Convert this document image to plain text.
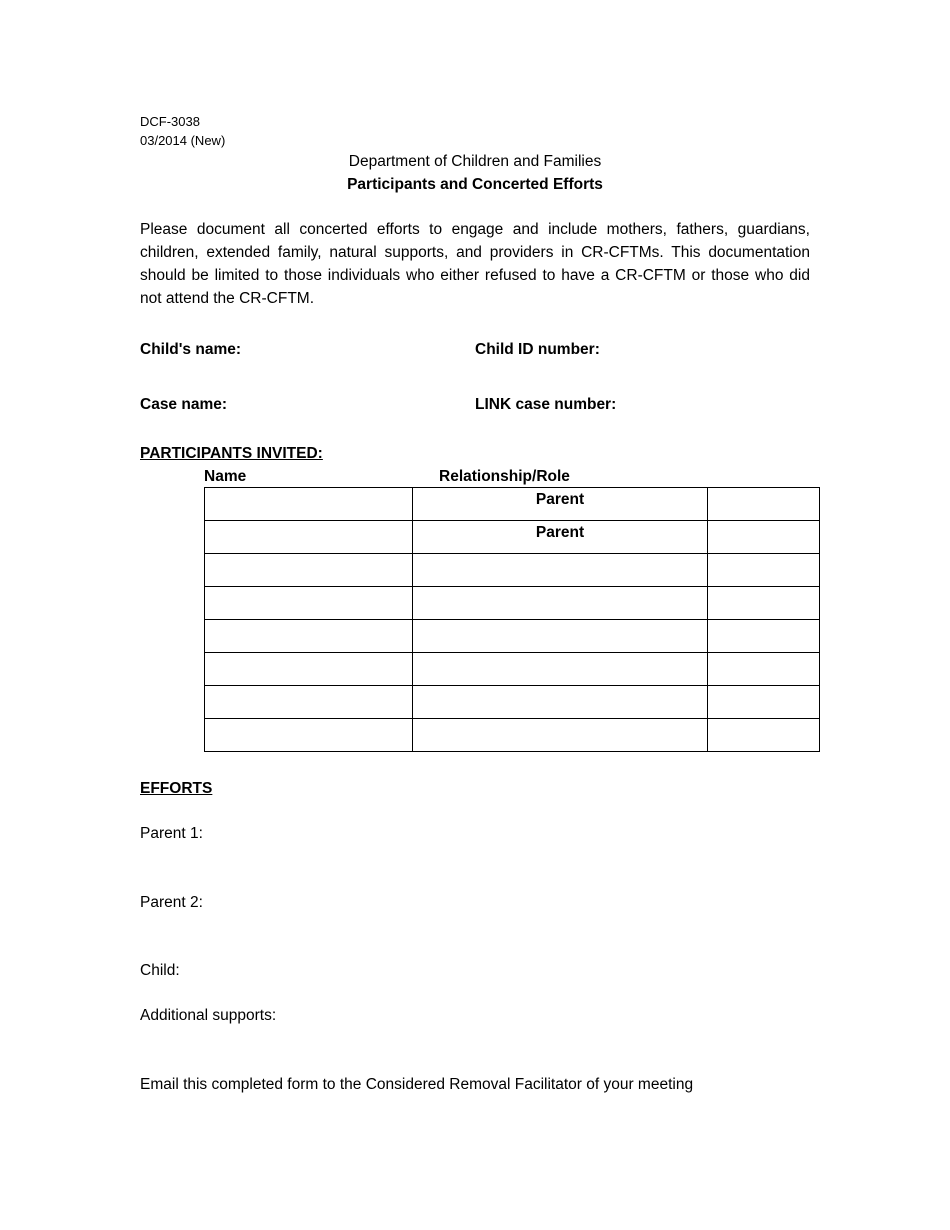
DCF-3038
03/2014 (New)
Department of Children and Families
Participants and Concerted Efforts
Please document all concerted efforts to engage and include mothers, fathers, guardians, children, extended family, natural supports, and providers in CR-CFTMs. This documentation should be limited to those individuals who either refused to have a CR-CFTM or those who did not attend the CR-CFTM.
Child's name:	Child ID number:
Case name:	LINK case number:
PARTICIPANTS INVITED:
Name	Relationship/Role

	Parent	

	Parent	

EFFORTS
Parent 1:
Parent 2:
Child:
Additional supports:
Email this completed form to the Considered Removal Facilitator of your meeting
